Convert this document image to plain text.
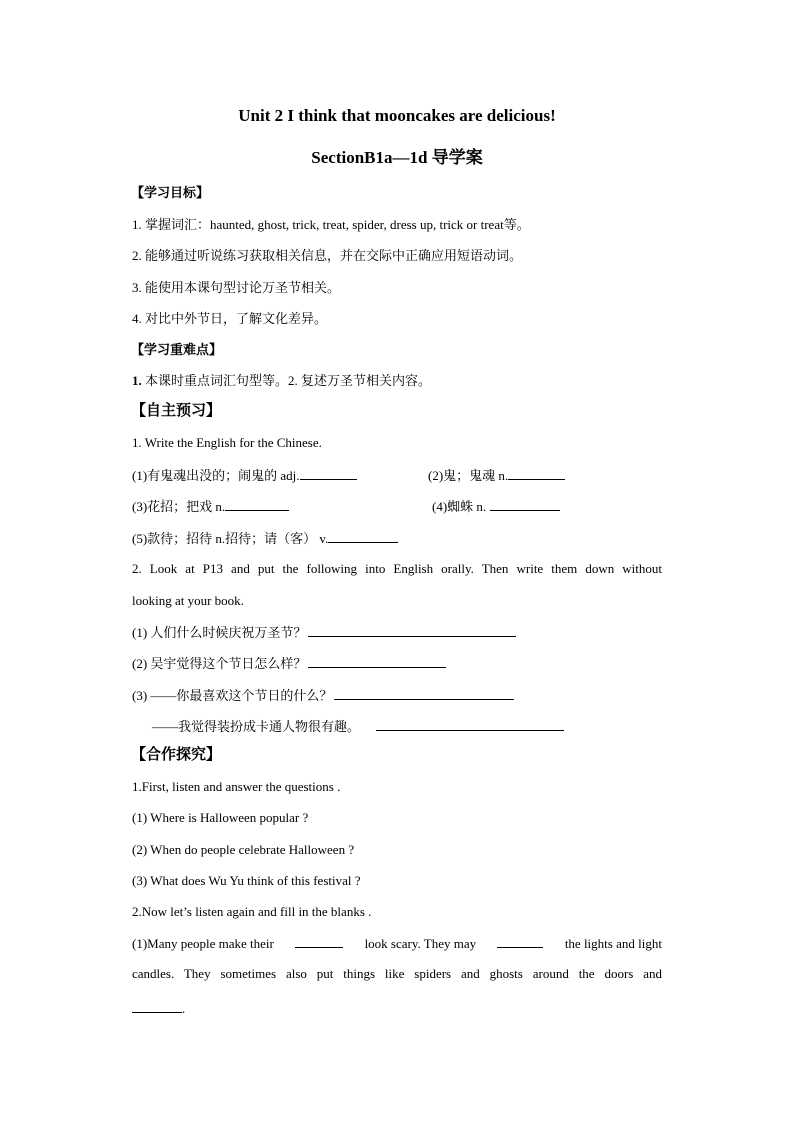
Unit 2 I think that mooncakes are delicious!
SectionB1a—1d 导学案
【学习目标】
1. 掌握词汇：haunted, ghost, trick, treat, spider, dress up, trick or treat等。
2. 能够通过听说练习获取相关信息，并在交际中正确应用短语动词。
3. 能使用本课句型讨论万圣节相关。
4. 对比中外节日，了解文化差异。
【学习重难点】
1. 本课时重点词汇句型等。2. 复述万圣节相关内容。
【自主预习】
1. Write the English for the Chinese.
(1)有鬼魂出没的；闹鬼的 adj.	(2)鬼；鬼魂 n.
(3)花招；把戏 n.	(4)蜘蛛 n.
(5)款待；招待 n.招待；请（客） v.
2. Look at P13 and put the following into English orally. Then write them down without
looking at your book.
(1) 人们什么时候庆祝万圣节？
(2) 吴宇觉得这个节日怎么样？
(3) ——你最喜欢这个节日的什么？
——我觉得装扮成卡通人物很有趣。
【合作探究】
1.First, listen and answer the questions .
(1) Where is Halloween popular ?
(2) When do people celebrate Halloween ?
(3) What does Wu Yu think of this festival ?
2.Now let’s listen again and fill in the blanks .
(1)Many people make their	look scary. They may	the lights and light
candles. They sometimes also put things like spiders and ghosts around the doors and
.
